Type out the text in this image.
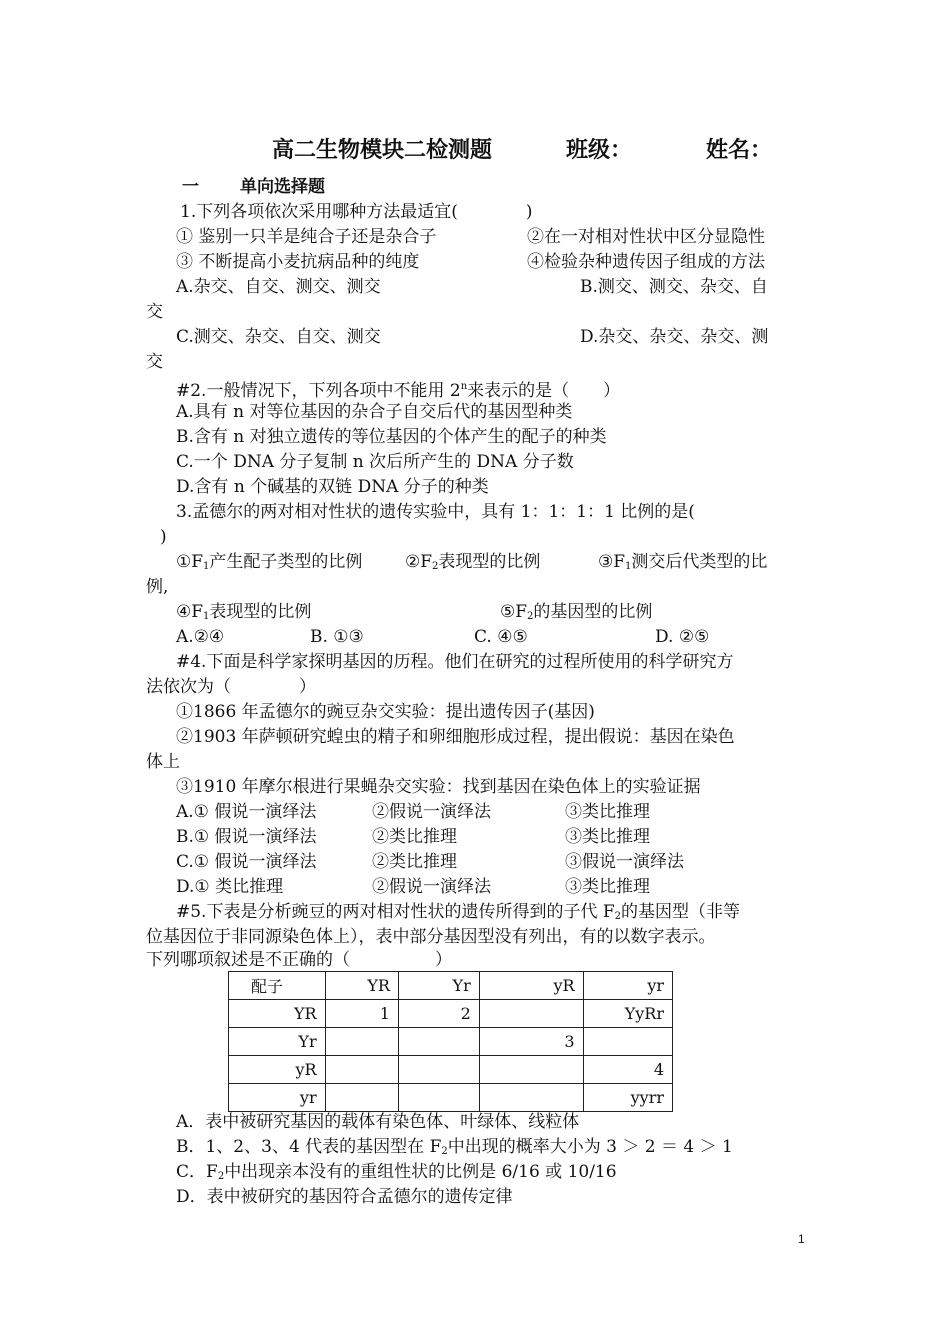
高二生物模块二检测题	班级：	姓名：
一 单向选择题
1.下列各项依次采用哪种方法最适宜(　　　　)
① 鉴别一只羊是纯合子还是杂合子	②在一对相对性状中区分显隐性
③ 不断提高小麦抗病品种的纯度	④检验杂种遗传因子组成的方法
A.杂交、自交、测交、测交	B.测交、测交、杂交、自
交
C.测交、杂交、自交、测交	D.杂交、杂交、杂交、测
交
#2.一般情况下，下列各项中不能用 2$^n$来表示的是（　　）
A.具有 n 对等位基因的杂合子自交后代的基因型种类
B.含有 n 对独立遗传的等位基因的个体产生的配子的种类
C.一个 DNA 分子复制 n 次后所产生的 DNA 分子数
D.含有 n 个碱基的双链 DNA 分子的种类
3.孟德尔的两对相对性状的遗传实验中，具有 1：1：1：1 比例的是(
)
$①F_1$产生配子类型的比例	$②F_2$表现型的比例	$③F_1$测交后代类型的比
例,
$④F_1$表现型的比例	$⑤F_2$的基因型的比例
A.②④	B. ①③	C. ④⑤	D. ②⑤
#4.下面是科学家探明基因的历程。他们在研究的过程所使用的科学研究方
法依次为（　　　　）
①1866 年孟德尔的豌豆杂交实验：提出遗传因子(基因)
②1903 年萨顿研究蝗虫的精子和卵细胞形成过程，提出假说：基因在染色
体上
③1910 年摩尔根进行果蝇杂交实验：找到基因在染色体上的实验证据
A.① 假说一演绎法	②假说一演绎法	③类比推理
B.① 假说一演绎法	②类比推理	③类比推理
C.① 假说一演绎法	②类比推理	③假说一演绎法
D.① 类比推理	②假说一演绎法	③类比推理
#5.下表是分析豌豆的两对相对性状的遗传所得到的子代 $F_2$的基因型（非等
位基因位于非同源染色体上），表中部分基因型没有列出，有的以数字表示。
下列哪项叙述是不正确的（　　　　　）
配子	YR	Yr	yR	yr
YR	1	2		YyRr
Yr			3	
yR				4
yr				yyrr
A．表中被研究基因的载体有染色体、叶绿体、线粒体
B．1、2、3、4 代表的基因型在 $F_2$中出现的概率大小为 3 ＞ 2 ＝ 4 ＞ 1
C．$F_2$中出现亲本没有的重组性状的比例是 6/16 或 10/16
D．表中被研究的基因符合孟德尔的遗传定律
1
